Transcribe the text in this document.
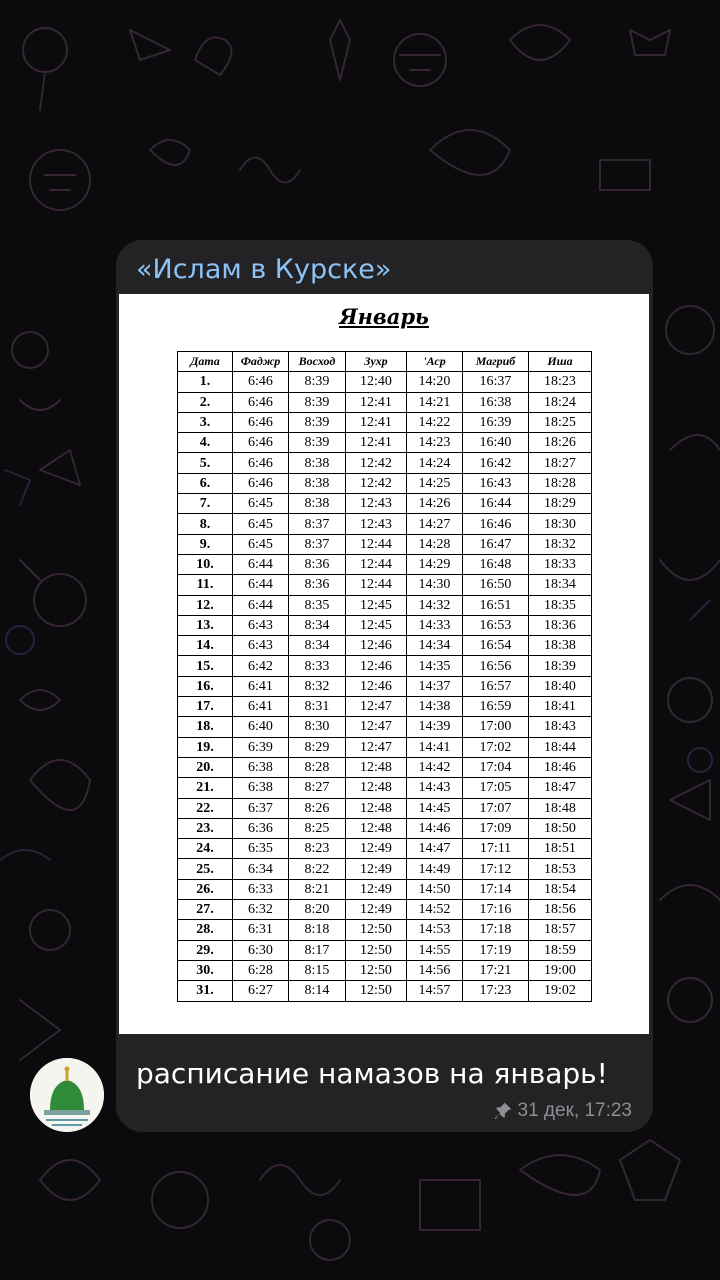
«Ислам в Курске»
Январь
Дата	Фаджр	Восход	Зухр	'Аср	Магриб	Иша
1.	6:46	8:39	12:40	14:20	16:37	18:23
2.	6:46	8:39	12:41	14:21	16:38	18:24
3.	6:46	8:39	12:41	14:22	16:39	18:25
4.	6:46	8:39	12:41	14:23	16:40	18:26
5.	6:46	8:38	12:42	14:24	16:42	18:27
6.	6:46	8:38	12:42	14:25	16:43	18:28
7.	6:45	8:38	12:43	14:26	16:44	18:29
8.	6:45	8:37	12:43	14:27	16:46	18:30
9.	6:45	8:37	12:44	14:28	16:47	18:32
10.	6:44	8:36	12:44	14:29	16:48	18:33
11.	6:44	8:36	12:44	14:30	16:50	18:34
12.	6:44	8:35	12:45	14:32	16:51	18:35
13.	6:43	8:34	12:45	14:33	16:53	18:36
14.	6:43	8:34	12:46	14:34	16:54	18:38
15.	6:42	8:33	12:46	14:35	16:56	18:39
16.	6:41	8:32	12:46	14:37	16:57	18:40
17.	6:41	8:31	12:47	14:38	16:59	18:41
18.	6:40	8:30	12:47	14:39	17:00	18:43
19.	6:39	8:29	12:47	14:41	17:02	18:44
20.	6:38	8:28	12:48	14:42	17:04	18:46
21.	6:38	8:27	12:48	14:43	17:05	18:47
22.	6:37	8:26	12:48	14:45	17:07	18:48
23.	6:36	8:25	12:48	14:46	17:09	18:50
24.	6:35	8:23	12:49	14:47	17:11	18:51
25.	6:34	8:22	12:49	14:49	17:12	18:53
26.	6:33	8:21	12:49	14:50	17:14	18:54
27.	6:32	8:20	12:49	14:52	17:16	18:56
28.	6:31	8:18	12:50	14:53	17:18	18:57
29.	6:30	8:17	12:50	14:55	17:19	18:59
30.	6:28	8:15	12:50	14:56	17:21	19:00
31.	6:27	8:14	12:50	14:57	17:23	19:02
расписание намазов на январь!
31 дек, 17:23
